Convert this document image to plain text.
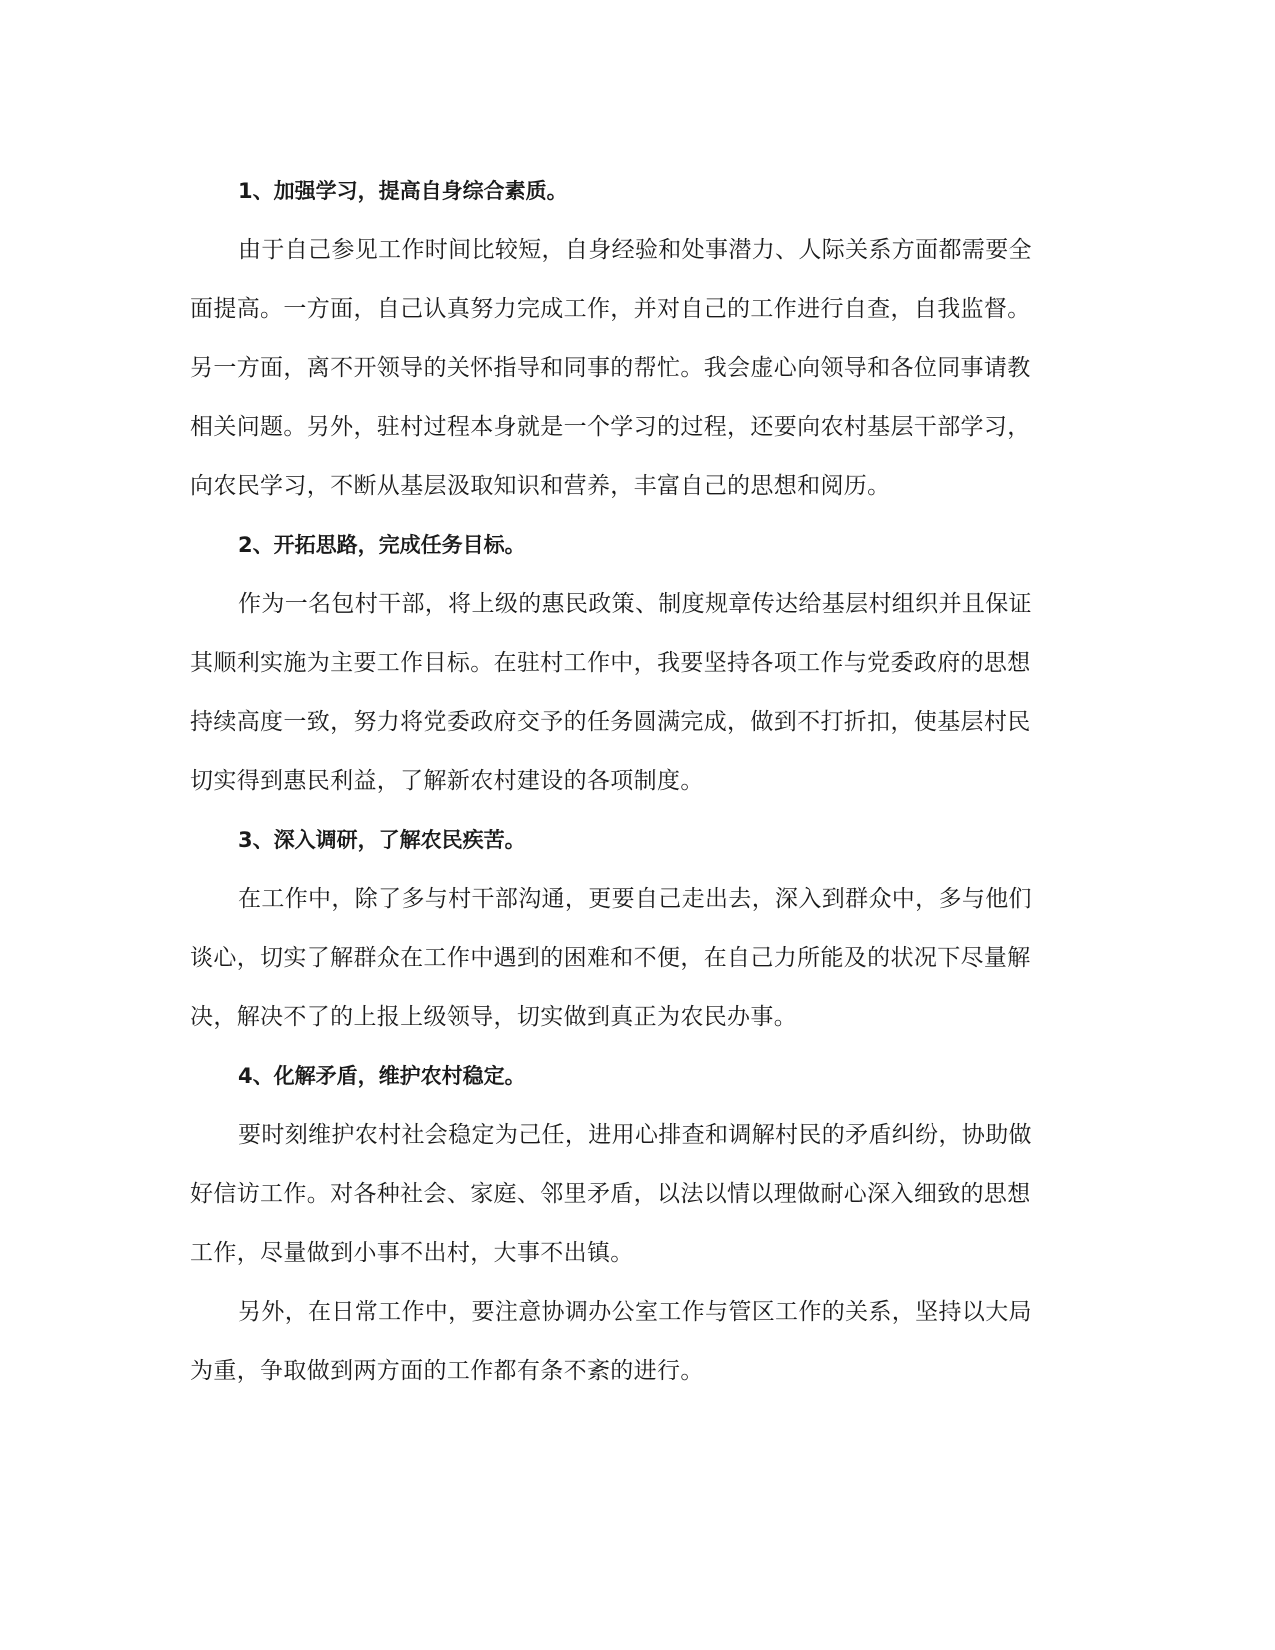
1、加强学习，提高自身综合素质。
由于自己参见工作时间比较短，自身经验和处事潜力、人际关系方面都需要全
面提高。一方面，自己认真努力完成工作，并对自己的工作进行自查，自我监督。
另一方面，离不开领导的关怀指导和同事的帮忙。我会虚心向领导和各位同事请教
相关问题。另外，驻村过程本身就是一个学习的过程，还要向农村基层干部学习，
向农民学习，不断从基层汲取知识和营养，丰富自己的思想和阅历。
2、开拓思路，完成任务目标。
作为一名包村干部，将上级的惠民政策、制度规章传达给基层村组织并且保证
其顺利实施为主要工作目标。在驻村工作中，我要坚持各项工作与党委政府的思想
持续高度一致，努力将党委政府交予的任务圆满完成，做到不打折扣，使基层村民
切实得到惠民利益，了解新农村建设的各项制度。
3、深入调研，了解农民疾苦。
在工作中，除了多与村干部沟通，更要自己走出去，深入到群众中，多与他们
谈心，切实了解群众在工作中遇到的困难和不便，在自己力所能及的状况下尽量解
决，解决不了的上报上级领导，切实做到真正为农民办事。
4、化解矛盾，维护农村稳定。
要时刻维护农村社会稳定为己任，进用心排查和调解村民的矛盾纠纷，协助做
好信访工作。对各种社会、家庭、邻里矛盾，以法以情以理做耐心深入细致的思想
工作，尽量做到小事不出村，大事不出镇。
另外，在日常工作中，要注意协调办公室工作与管区工作的关系，坚持以大局
为重，争取做到两方面的工作都有条不紊的进行。
